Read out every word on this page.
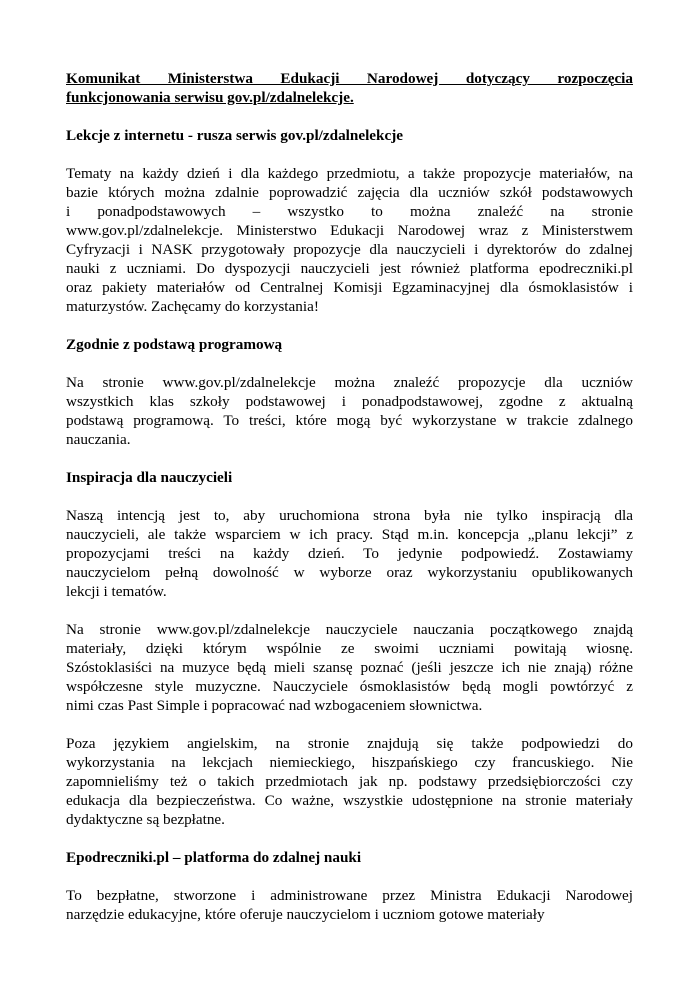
Komunikat Ministerstwa Edukacji Narodowej dotyczący rozpoczęcia
funkcjonowania serwisu gov.pl/zdalnelekcje.
Lekcje z internetu - rusza serwis gov.pl/zdalnelekcje

Tematy na każdy dzień i dla każdego przedmiotu, a także propozycje materiałów, na
bazie których można zdalnie poprowadzić zajęcia dla uczniów szkół podstawowych
i ponadpodstawowych – wszystko to można znaleźć na stronie
www.gov.pl/zdalnelekcje. Ministerstwo Edukacji Narodowej wraz z Ministerstwem
Cyfryzacji i NASK przygotowały propozycje dla nauczycieli i dyrektorów do zdalnej
nauki z uczniami. Do dyspozycji nauczycieli jest również platforma epodreczniki.pl
oraz pakiety materiałów od Centralnej Komisji Egzaminacyjnej dla ósmoklasistów i
maturzystów. Zachęcamy do korzystania!

Zgodnie z podstawą programową

Na stronie www.gov.pl/zdalnelekcje można znaleźć propozycje dla uczniów
wszystkich klas szkoły podstawowej i ponadpodstawowej, zgodne z aktualną
podstawą programową. To treści, które mogą być wykorzystane w trakcie zdalnego
nauczania.

Inspiracja dla nauczycieli

Naszą intencją jest to, aby uruchomiona strona była nie tylko inspiracją dla
nauczycieli, ale także wsparciem w ich pracy. Stąd m.in. koncepcja „planu lekcji” z
propozycjami treści na każdy dzień. To jedynie podpowiedź. Zostawiamy
nauczycielom pełną dowolność w wyborze oraz wykorzystaniu opublikowanych
lekcji i tematów.

Na stronie www.gov.pl/zdalnelekcje nauczyciele nauczania początkowego znajdą
materiały, dzięki którym wspólnie ze swoimi uczniami powitają wiosnę.
Szóstoklasiści na muzyce będą mieli szansę poznać (jeśli jeszcze ich nie znają) różne
współczesne style muzyczne. Nauczyciele ósmoklasistów będą mogli powtórzyć z
nimi czas Past Simple i popracować nad wzbogaceniem słownictwa.

Poza językiem angielskim, na stronie znajdują się także podpowiedzi do
wykorzystania na lekcjach niemieckiego, hiszpańskiego czy francuskiego. Nie
zapomnieliśmy też o takich przedmiotach jak np. podstawy przedsiębiorczości czy
edukacja dla bezpieczeństwa. Co ważne, wszystkie udostępnione na stronie materiały
dydaktyczne są bezpłatne.

Epodreczniki.pl – platforma do zdalnej nauki

To bezpłatne, stworzone i administrowane przez Ministra Edukacji Narodowej
narzędzie edukacyjne, które oferuje nauczycielom i uczniom gotowe materiały
